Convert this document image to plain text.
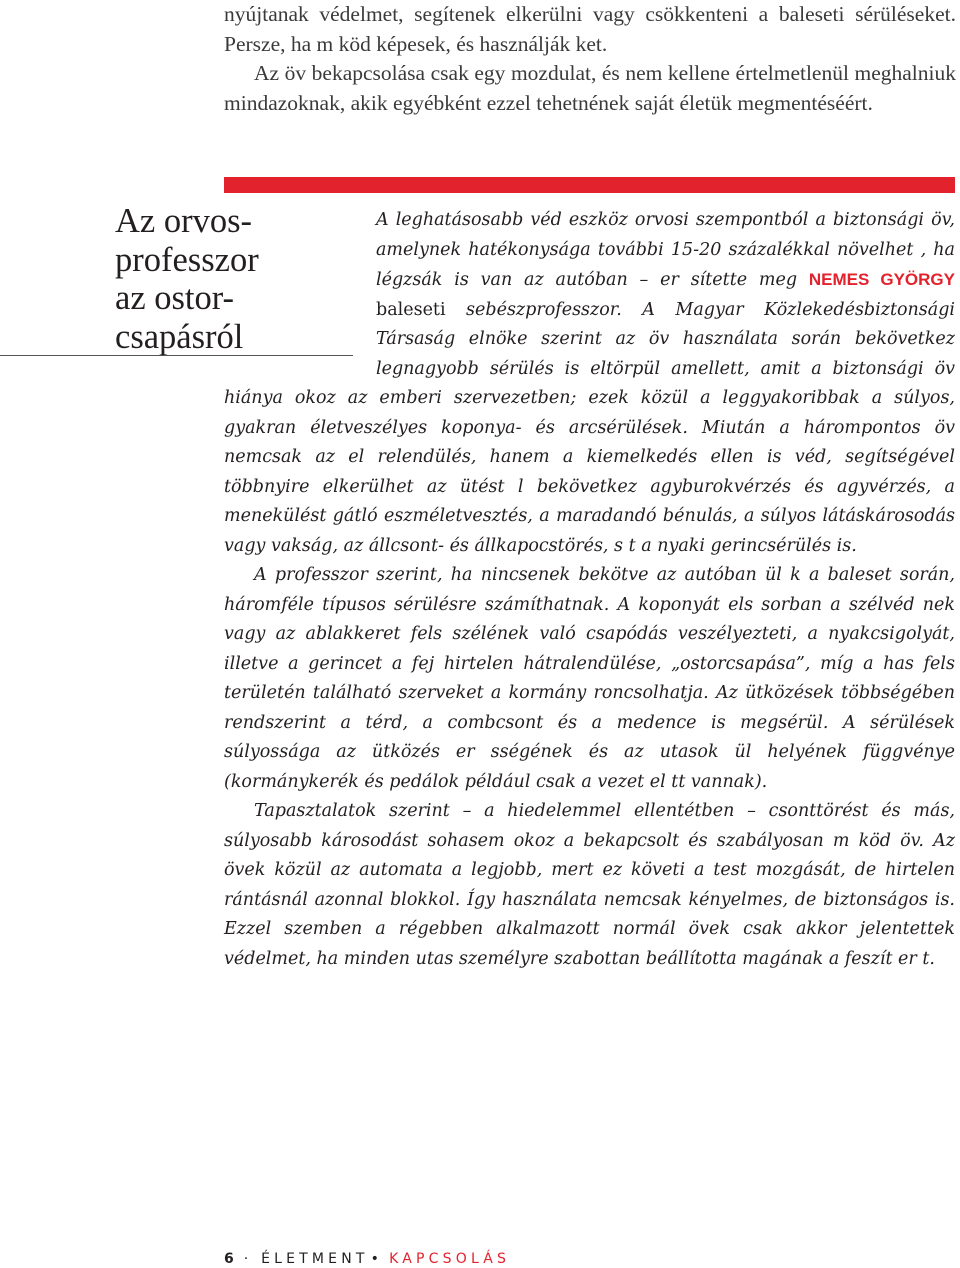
nyújtanak védelmet, segítenek elkerülni vagy csökkenteni a baleseti sérüléseket. Persze, ha m köd képesek, és használják ket.

Az öv bekapcsolása csak egy mozdulat, és nem kellene értelmetlenül meghalniuk mindazoknak, akik egyébként ezzel tehetnének saját életük megmentéséért.

Az orvos-
professzor
az ostor-
csapásról

A leghatásosabb véd eszköz orvosi szempontból a biztonsági öv, amelynek hatékonysága további 15-20 százalékkal növelhet , ha légzsák is van az autóban – er sítette meg NEMES GYÖRGY baleseti sebészprofesszor. A Magyar Közlekedésbiztonsági Társaság elnöke szerint az öv használata során bekövetkez legnagyobb sérülés is eltörpül amellett, amit a biztonsági öv hiánya okoz az emberi szervezetben; ezek közül a leggyakoribbak a súlyos, gyakran életveszélyes koponya- és arcsérülések. Miután a hárompontos öv nemcsak az el relendülés, hanem a kiemelkedés ellen is véd, segítségével többnyire elkerülhet az ütést l bekövetkez agyburokvérzés és agyvérzés, a menekülést gátló eszméletvesztés, a maradandó bénulás, a súlyos látáskárosodás vagy vakság, az állcsont- és állkapocstörés, s t a nyaki gerincsérülés is.

A professzor szerint, ha nincsenek bekötve az autóban ül k a baleset során, háromféle típusos sérülésre számíthatnak. A koponyát els sorban a szélvéd nek vagy az ablakkeret fels szélének való csapódás veszélyezteti, a nyakcsigolyát, illetve a gerincet a fej hirtelen hátralendülése, „ostorcsapása”, míg a has fels területén található szerveket a kormány roncsolhatja. Az ütközések többségében rendszerint a térd, a combcsont és a medence is megsérül. A sérülések súlyossága az ütközés er sségének és az utasok ül helyének függvénye (kormánykerék és pedálok például csak a vezet el tt vannak).

Tapasztalatok szerint – a hiedelemmel ellentétben – csonttörést és más, súlyosabb károsodást sohasem okoz a bekapcsolt és szabályosan m köd öv. Az övek közül az automata a legjobb, mert ez követi a test mozgását, de hirtelen rántásnál azonnal blokkol. Így használata nemcsak kényelmes, de biztonságos is. Ezzel szemben a régebben alkalmazott normál övek csak akkor jelentettek védelmet, ha minden utas személyre szabottan beállította magának a feszít er t.

6 · ÉLETMENT • KAPCSOLÁS
